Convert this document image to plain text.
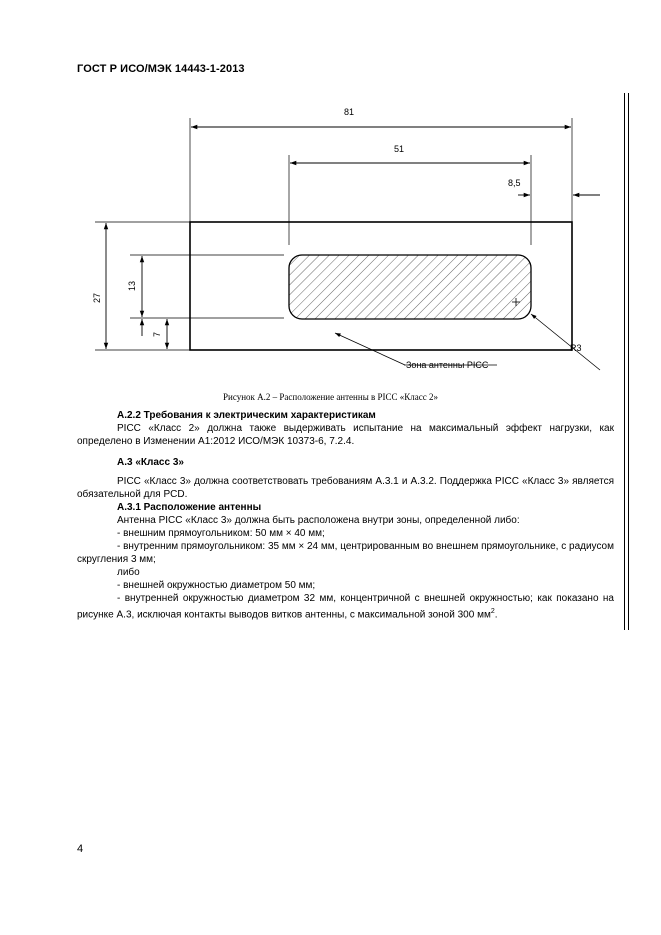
ГОСТ Р ИСО/МЭК 14443-1-2013
81
51
8,5
27
13
7
R3
Зона антенны PICC
Рисунок А.2 – Расположение антенны в PICC «Класс 2»

А.2.2 Требования к электрическим характеристикам

PICC «Класс 2» должна также выдерживать испытание на максимальный эффект нагрузки, как определено в Изменении А1:2012 ИСО/МЭК 10373-6, 7.2.4.

А.3 «Класс 3»

PICC «Класс 3» должна соответствовать требованиям А.3.1 и А.3.2. Поддержка PICC «Класс 3» является обязательной для PCD.

А.3.1 Расположение антенны

Антенна PICC «Класс 3» должна быть расположена внутри зоны, определенной либо:

- внешним прямоугольником: 50 мм × 40 мм;

- внутренним прямоугольником: 35 мм × 24 мм, центрированным во внешнем прямоугольнике, с радиусом скругления 3 мм;

либо

- внешней окружностью диаметром 50 мм;

- внутренней окружностью диаметром 32 мм, концентричной с внешней окружностью; как показано на рисунке А.3, исключая контакты выводов витков антенны, с максимальной зоной 300 $мм^2$.

4
